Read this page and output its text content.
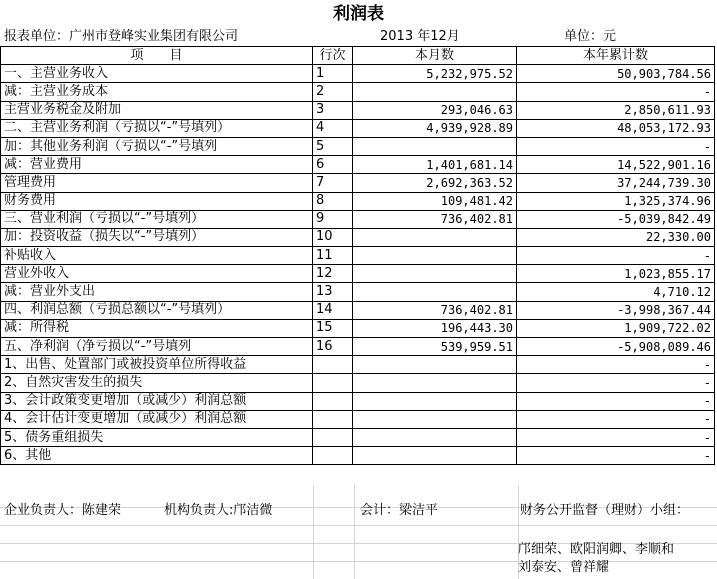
利润表
报表单位：广州市登峰实业集团有限公司	2013 年12月	单位：元
项　　目	行次	本月数	本年累计数
一、主营业务收入	1	5,232,975.52	50,903,784.56
减：主营业务成本	2		-
主营业务税金及附加	3	293,046.63	2,850,611.93
二、主营业务利润（亏损以“-”号填列）	4	4,939,928.89	48,053,172.93
加：其他业务利润（亏损以“-”号填列	5		-
减：营业费用	6	1,401,681.14	14,522,901.16
管理费用	7	2,692,363.52	37,244,739.30
财务费用	8	109,481.42	1,325,374.96
三、营业利润（亏损以“-”号填列）	9	736,402.81	-5,039,842.49
加：投资收益（损失以“-”号填列）	10		22,330.00
补贴收入	11		-
营业外收入	12		1,023,855.17
减：营业外支出	13		4,710.12
四、利润总额（亏损总额以“-”号填列）	14	736,402.81	-3,998,367.44
减：所得税	15	196,443.30	1,909,722.02
五、净利润（净亏损以“-”号填列	16	539,959.51	-5,908,089.46
1、出售、处置部门或被投资单位所得收益			-
2、自然灾害发生的损失			-
3、会计政策变更增加（或减少）利润总额			-
4、会计估计变更增加（或减少）利润总额			-
5、债务重组损失			-
6、其他			-
企业负责人：陈建荣	机构负责人:邝洁微	会计：梁洁平	财务公开监督（理财）小组：
邝细荣、欧阳润卿、李顺和
刘泰安、曾祥耀
